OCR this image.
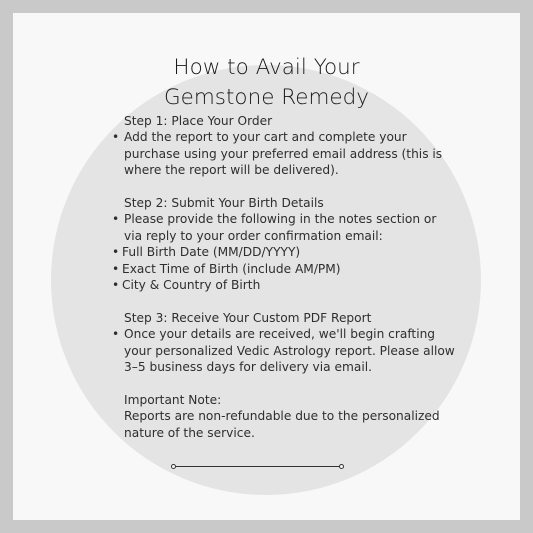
How to Avail Your
Gemstone Remedy
Step 1: Place Your Order
• Add the report to your cart and complete your purchase using your preferred email address (this is where the report will be delivered).
Step 2: Submit Your Birth Details
• Please provide the following in the notes section or via reply to your order confirmation email:
• Full Birth Date (MM/DD/YYYY)
• Exact Time of Birth (include AM/PM)
• City & Country of Birth
Step 3: Receive Your Custom PDF Report
• Once your details are received, we'll begin crafting your personalized Vedic Astrology report. Please allow 3–5 business days for delivery via email.
Important Note:
Reports are non-refundable due to the personalized nature of the service.
